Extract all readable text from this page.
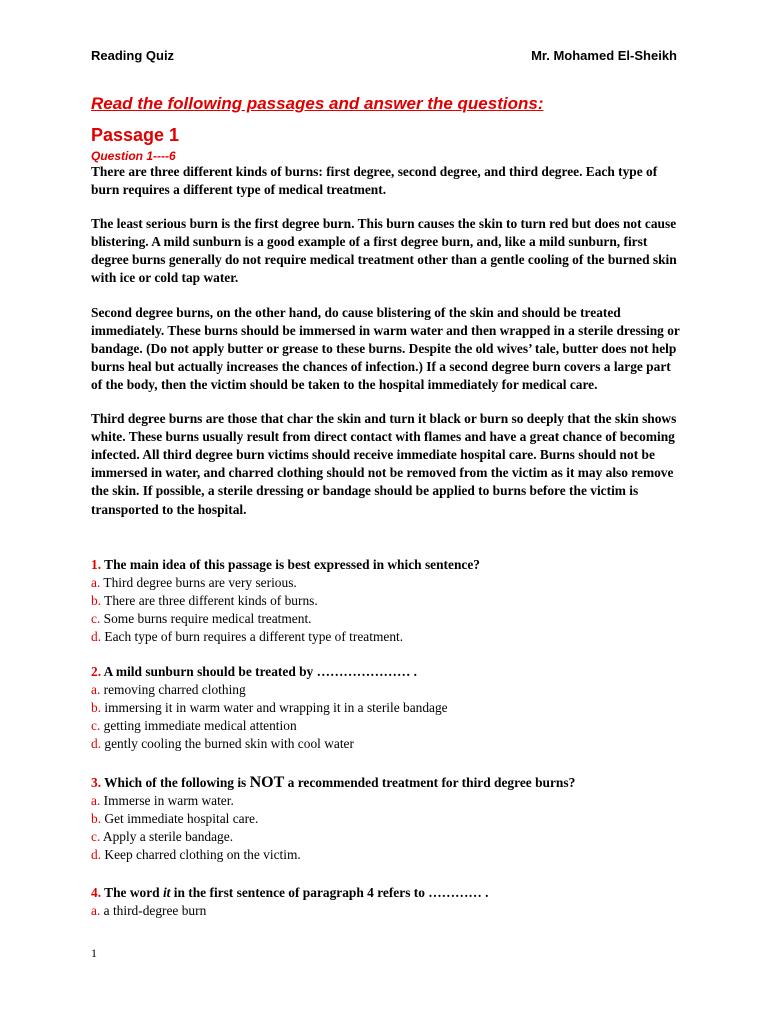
Reading Quiz	Mr. Mohamed El-Sheikh
Read the following passages and answer the questions:
Passage 1
Question 1----6

There are three different kinds of burns: first degree, second degree, and third degree. Each type of burn requires a different type of medical treatment.

The least serious burn is the first degree burn. This burn causes the skin to turn red but does not cause blistering. A mild sunburn is a good example of a first degree burn, and, like a mild sunburn, first degree burns generally do not require medical treatment other than a gentle cooling of the burned skin with ice or cold tap water.

Second degree burns, on the other hand, do cause blistering of the skin and should be treated immediately. These burns should be immersed in warm water and then wrapped in a sterile dressing or bandage. (Do not apply butter or grease to these burns. Despite the old wives’ tale, butter does not help burns heal but actually increases the chances of infection.) If a second degree burn covers a large part of the body, then the victim should be taken to the hospital immediately for medical care.

Third degree burns are those that char the skin and turn it black or burn so deeply that the skin shows white. These burns usually result from direct contact with flames and have a great chance of becoming infected. All third degree burn victims should receive immediate hospital care. Burns should not be immersed in water, and charred clothing should not be removed from the victim as it may also remove the skin. If possible, a sterile dressing or bandage should be applied to burns before the victim is transported to the hospital.

1. The main idea of this passage is best expressed in which sentence?
a. Third degree burns are very serious.
b. There are three different kinds of burns.
c. Some burns require medical treatment.
d. Each type of burn requires a different type of treatment.
2. A mild sunburn should be treated by ………………… .
a. removing charred clothing
b. immersing it in warm water and wrapping it in a sterile bandage
c. getting immediate medical attention
d. gently cooling the burned skin with cool water
3. Which of the following is NOT a recommended treatment for third degree burns?
a. Immerse in warm water.
b. Get immediate hospital care.
c. Apply a sterile bandage.
d. Keep charred clothing on the victim.
4. The word it in the first sentence of paragraph 4 refers to ………… .
a. a third-degree burn
1
